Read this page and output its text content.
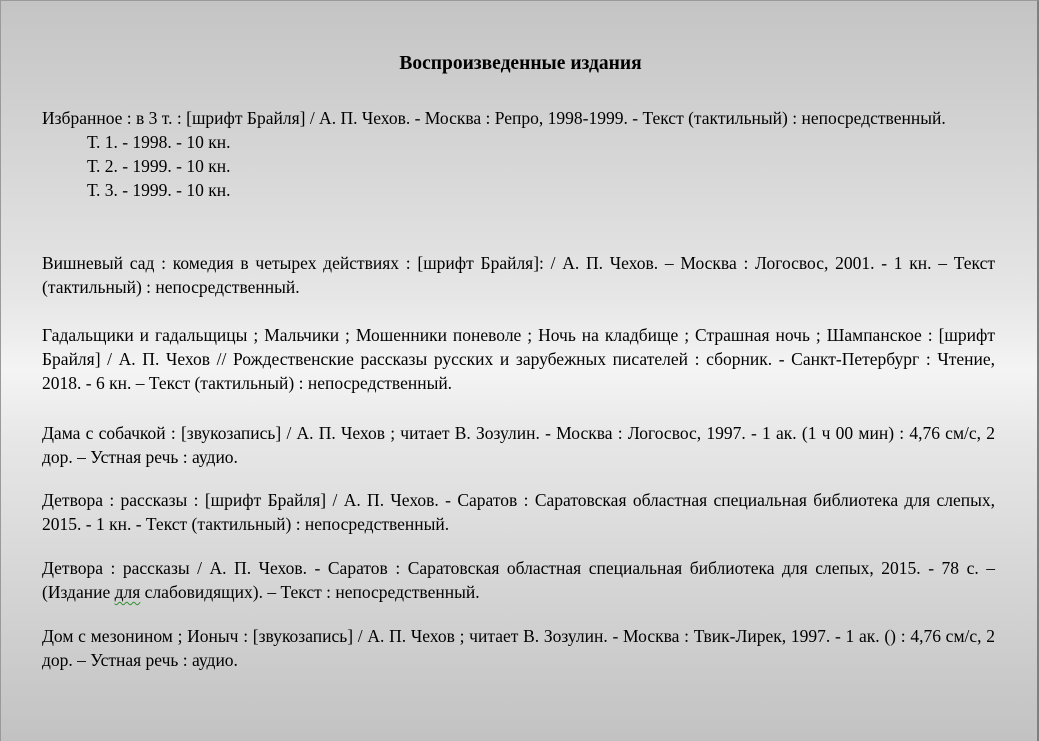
Воспроизведенные издания
Избранное : в 3 т. : [шрифт Брайля] / А. П. Чехов. - Москва : Репро, 1998-1999. - Текст (тактильный) : непосредственный.
Т. 1. - 1998. - 10 кн.
Т. 2. - 1999. - 10 кн.
Т. 3. - 1999. - 10 кн.
Вишневый сад : комедия в четырех действиях : [шрифт Брайля]: / А. П. Чехов. – Москва : Логосвос, 2001. - 1 кн. – Текст (тактильный) : непосредственный.
Гадальщики и гадальщицы ; Мальчики ; Мошенники поневоле ; Ночь на кладбище ; Страшная ночь ; Шампанское : [шрифт Брайля] / А. П. Чехов // Рождественские рассказы русских и зарубежных писателей : сборник. - Санкт-Петербург : Чтение, 2018. - 6 кн. – Текст (тактильный) : непосредственный.
Дама с собачкой : [звукозапись] / А. П. Чехов ; читает В. Зозулин. - Москва : Логосвос, 1997. - 1 ак. (1 ч 00 мин) : 4,76 см/с, 2 дор. – Устная речь : аудио.
Детвора : рассказы : [шрифт Брайля] / А. П. Чехов. - Саратов : Саратовская областная специальная библиотека для слепых, 2015. - 1 кн. - Текст (тактильный) : непосредственный.
Детвора : рассказы / А. П. Чехов. - Саратов : Саратовская областная специальная библиотека для слепых, 2015. - 78 с. – (Издание для слабовидящих). – Текст : непосредственный.
Дом с мезонином ; Ионыч : [звукозапись] / А. П. Чехов ; читает В. Зозулин. - Москва : Твик-Лирек, 1997. - 1 ак. () : 4,76 см/с, 2 дор. – Устная речь : аудио.
